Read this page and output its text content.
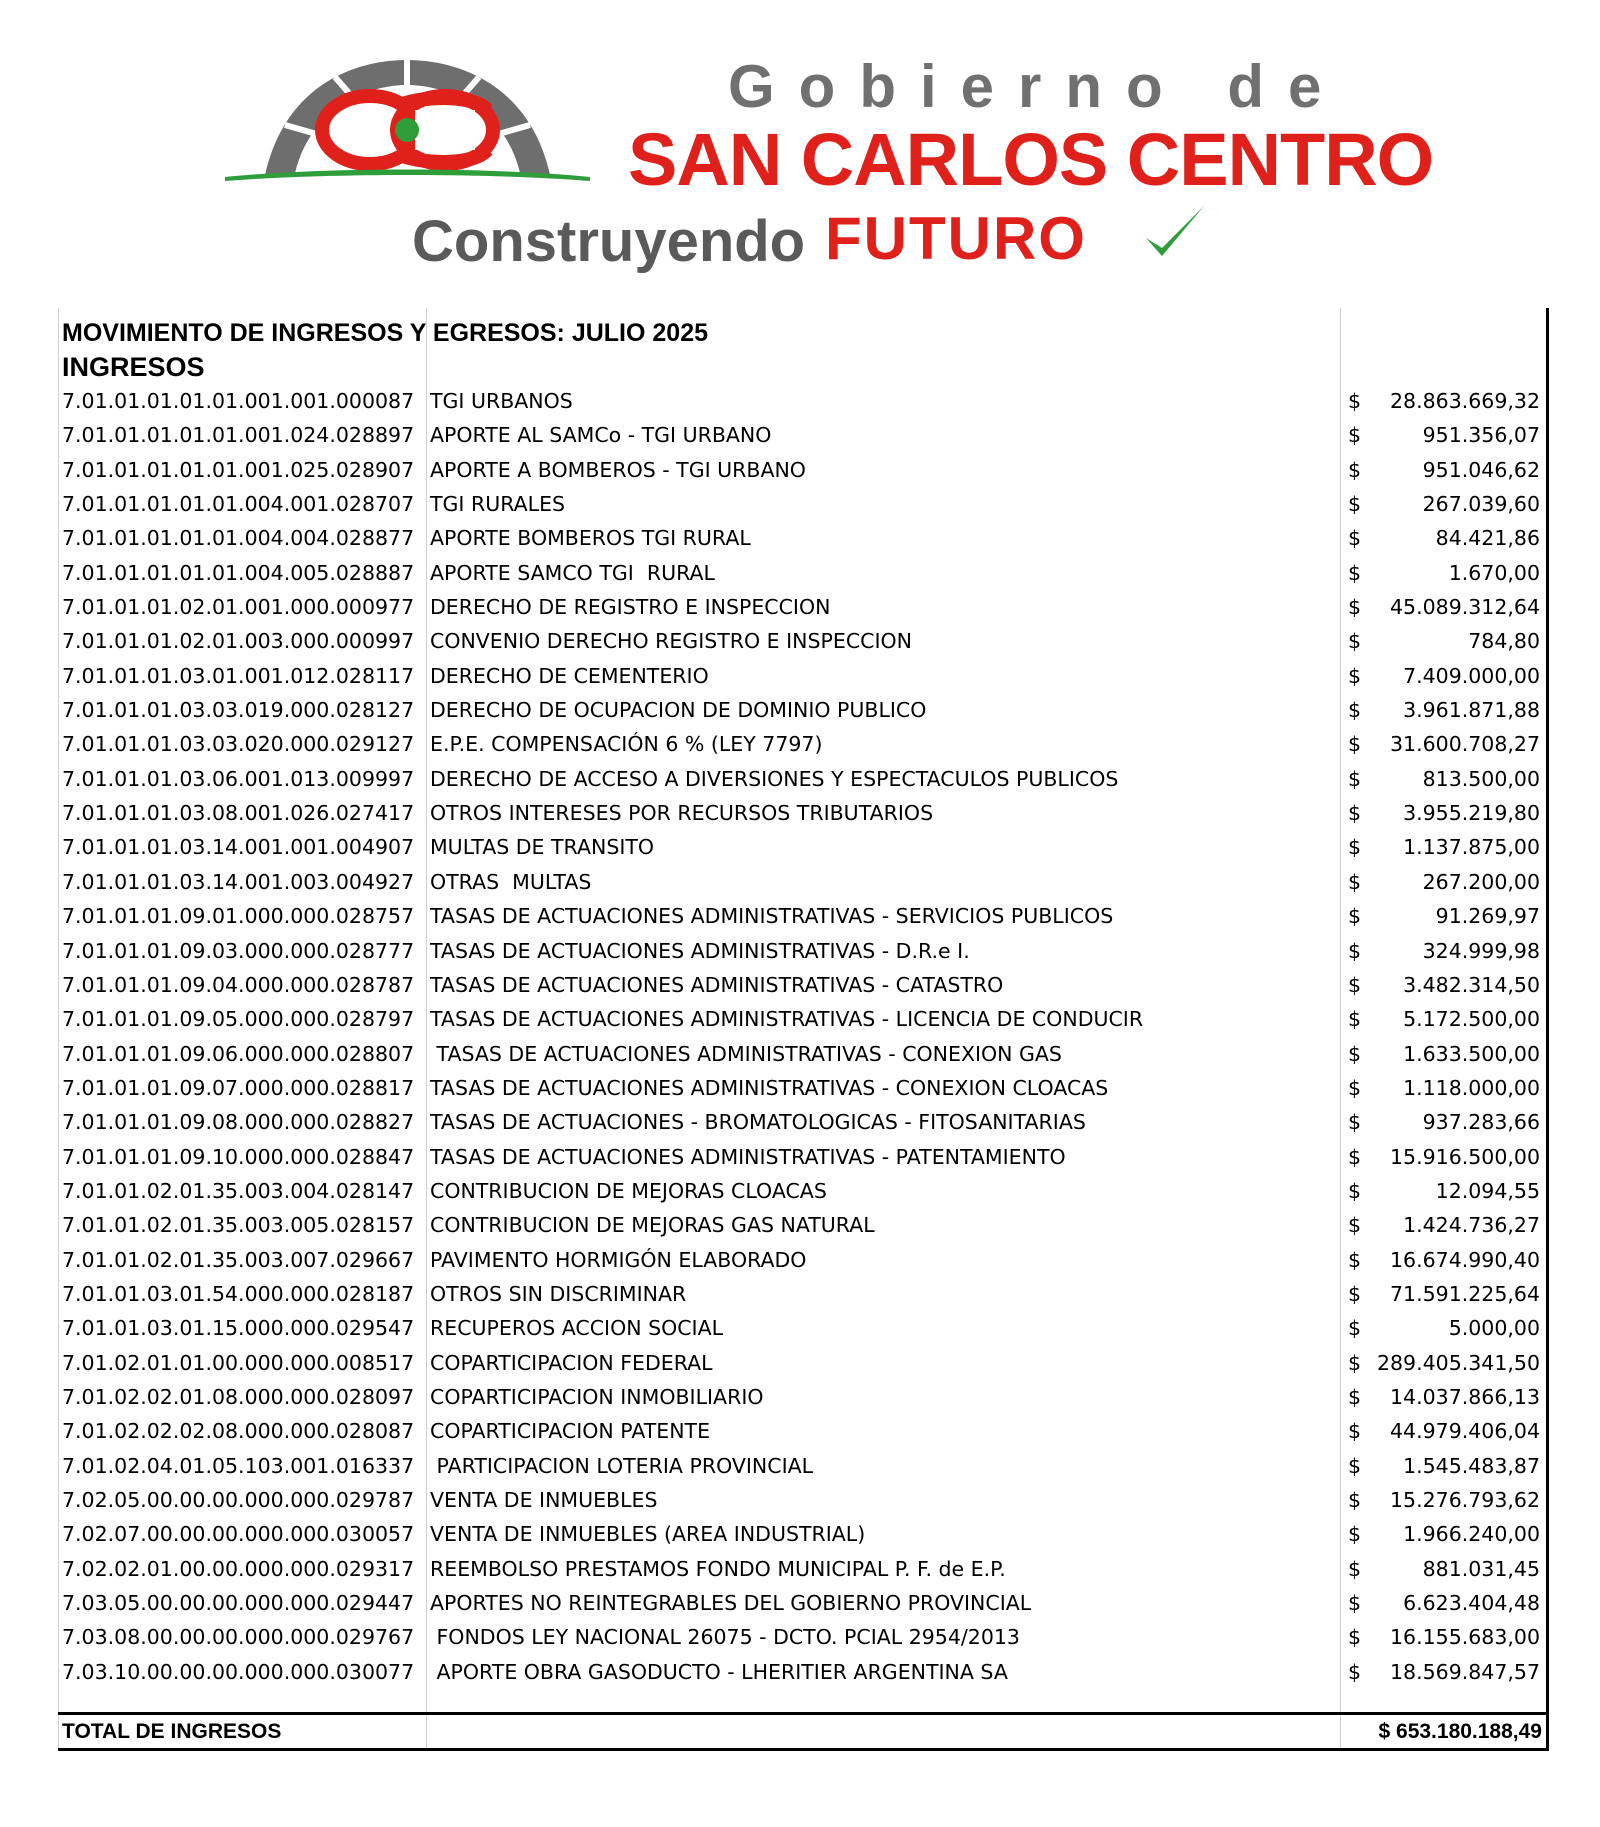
Gobierno de
SAN CARLOS CENTRO
Construyendo FUTURO
MOVIMIENTO DE INGRESOS Y EGRESOS: JULIO 2025
INGRESOS
7.01.01.01.01.01.001.001.000087 TGI URBANOS	$ 28.863.669,32
7.01.01.01.01.01.001.024.028897 APORTE AL SAMCo - TGI URBANO	$	951.356,07
7.01.01.01.01.01.001.025.028907 APORTE A BOMBEROS - TGI URBANO	$	951.046,62
7.01.01.01.01.01.004.001.028707 TGI RURALES	$	267.039,60
7.01.01.01.01.01.004.004.028877 APORTE BOMBEROS TGI RURAL	$	84.421,86
7.01.01.01.01.01.004.005.028887 APORTE SAMCO TGI  RURAL	$	1.670,00
7.01.01.01.02.01.001.000.000977 DERECHO DE REGISTRO E INSPECCION	$ 45.089.312,64
7.01.01.01.02.01.003.000.000997 CONVENIO DERECHO REGISTRO E INSPECCION	$	784,80
7.01.01.01.03.01.001.012.028117 DERECHO DE CEMENTERIO	$ 7.409.000,00
7.01.01.01.03.03.019.000.028127 DERECHO DE OCUPACION DE DOMINIO PUBLICO	$ 3.961.871,88
7.01.01.01.03.03.020.000.029127 E.P.E. COMPENSACIÓN 6 % (LEY 7797)	$ 31.600.708,27
7.01.01.01.03.06.001.013.009997 DERECHO DE ACCESO A DIVERSIONES Y ESPECTACULOS PUBLICOS	$	813.500,00
7.01.01.01.03.08.001.026.027417 OTROS INTERESES POR RECURSOS TRIBUTARIOS	$ 3.955.219,80
7.01.01.01.03.14.001.001.004907 MULTAS DE TRANSITO	$ 1.137.875,00
7.01.01.01.03.14.001.003.004927 OTRAS  MULTAS	$	267.200,00
7.01.01.01.09.01.000.000.028757 TASAS DE ACTUACIONES ADMINISTRATIVAS - SERVICIOS PUBLICOS	$	91.269,97
7.01.01.01.09.03.000.000.028777 TASAS DE ACTUACIONES ADMINISTRATIVAS - D.R.e I.	$	324.999,98
7.01.01.01.09.04.000.000.028787 TASAS DE ACTUACIONES ADMINISTRATIVAS - CATASTRO	$ 3.482.314,50
7.01.01.01.09.05.000.000.028797 TASAS DE ACTUACIONES ADMINISTRATIVAS - LICENCIA DE CONDUCIR	$ 5.172.500,00
7.01.01.01.09.06.000.000.028807 TASAS DE ACTUACIONES ADMINISTRATIVAS - CONEXION GAS	$ 1.633.500,00
7.01.01.01.09.07.000.000.028817 TASAS DE ACTUACIONES ADMINISTRATIVAS - CONEXION CLOACAS	$ 1.118.000,00
7.01.01.01.09.08.000.000.028827 TASAS DE ACTUACIONES - BROMATOLOGICAS - FITOSANITARIAS	$	937.283,66
7.01.01.01.09.10.000.000.028847 TASAS DE ACTUACIONES ADMINISTRATIVAS - PATENTAMIENTO	$ 15.916.500,00
7.01.01.02.01.35.003.004.028147 CONTRIBUCION DE MEJORAS CLOACAS	$	12.094,55
7.01.01.02.01.35.003.005.028157 CONTRIBUCION DE MEJORAS GAS NATURAL	$ 1.424.736,27
7.01.01.02.01.35.003.007.029667 PAVIMENTO HORMIGÓN ELABORADO	$ 16.674.990,40
7.01.01.03.01.54.000.000.028187 OTROS SIN DISCRIMINAR	$ 71.591.225,64
7.01.01.03.01.15.000.000.029547 RECUPEROS ACCION SOCIAL	$	5.000,00
7.01.02.01.01.00.000.000.008517 COPARTICIPACION FEDERAL	$ 289.405.341,50
7.01.02.02.01.08.000.000.028097 COPARTICIPACION INMOBILIARIO	$ 14.037.866,13
7.01.02.02.02.08.000.000.028087 COPARTICIPACION PATENTE	$ 44.979.406,04
7.01.02.04.01.05.103.001.016337 PARTICIPACION LOTERIA PROVINCIAL	$ 1.545.483,87
7.02.05.00.00.00.000.000.029787 VENTA DE INMUEBLES	$ 15.276.793,62
7.02.07.00.00.00.000.000.030057 VENTA DE INMUEBLES (AREA INDUSTRIAL)	$ 1.966.240,00
7.02.02.01.00.00.000.000.029317 REEMBOLSO PRESTAMOS FONDO MUNICIPAL P. F. de E.P.	$	881.031,45
7.03.05.00.00.00.000.000.029447 APORTES NO REINTEGRABLES DEL GOBIERNO PROVINCIAL	$ 6.623.404,48
7.03.08.00.00.00.000.000.029767 FONDOS LEY NACIONAL 26075 - DCTO. PCIAL 2954/2013	$ 16.155.683,00
7.03.10.00.00.00.000.000.030077 APORTE OBRA GASODUCTO - LHERITIER ARGENTINA SA	$ 18.569.847,57
TOTAL DE INGRESOS	$ 653.180.188,49
